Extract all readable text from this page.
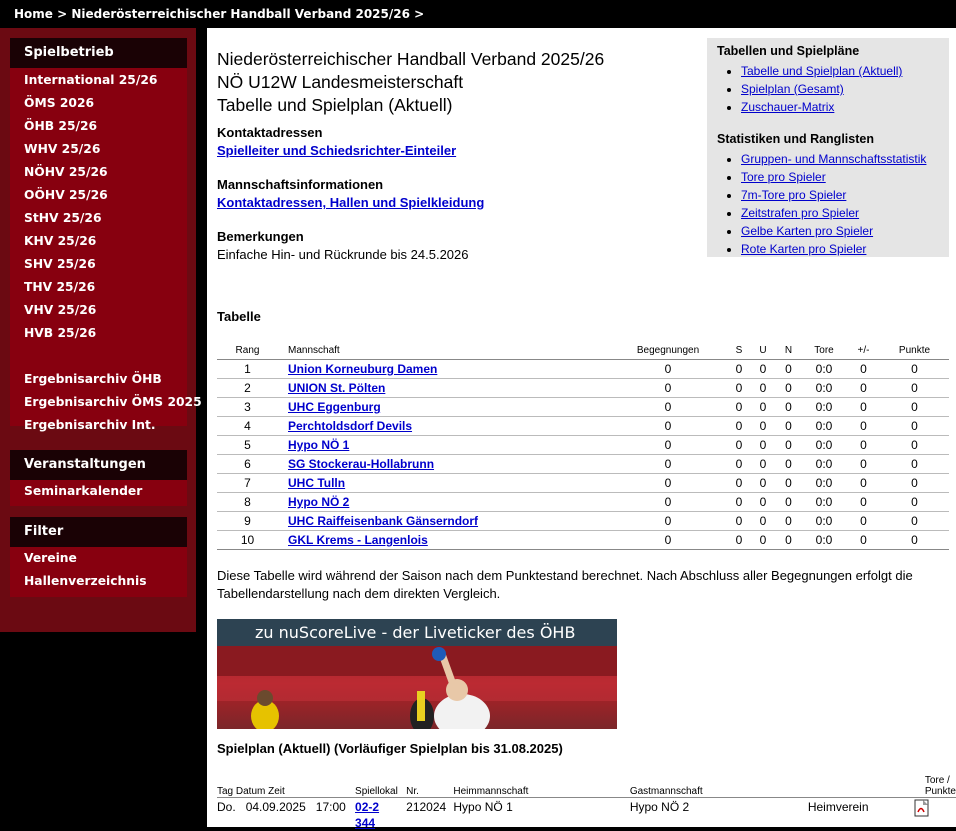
Home > Niederösterreichischer Handball Verband 2025/26 >
Spielbetrieb
International 25/26
ÖMS 2026
ÖHB 25/26
WHV 25/26
NÖHV 25/26
OÖHV 25/26
StHV 25/26
KHV 25/26
SHV 25/26
THV 25/26
VHV 25/26
HVB 25/26
Ergebnisarchiv ÖHB
Ergebnisarchiv ÖMS 2025
Ergebnisarchiv Int.
Veranstaltungen
Seminarkalender
Filter
Vereine
Hallenverzeichnis
Niederösterreichischer Handball Verband 2025/26
NÖ U12W Landesmeisterschaft
Tabelle und Spielplan (Aktuell)
Kontaktadressen
Spielleiter und Schiedsrichter-Einteiler
Mannschaftsinformationen
Kontaktadressen, Hallen und Spielkleidung
Bemerkungen
Einfache Hin- und Rückrunde bis 24.5.2026
Tabellen und Spielpläne
• Tabelle und Spielplan (Aktuell)
• Spielplan (Gesamt)
• Zuschauer-Matrix
Statistiken und Ranglisten
• Gruppen- und Mannschaftsstatistik
• Tore pro Spieler
• 7m-Tore pro Spieler
• Zeitstrafen pro Spieler
• Gelbe Karten pro Spieler
• Rote Karten pro Spieler
Tabelle
Rang	Mannschaft	Begegnungen	S	U	N	Tore	+/-	Punkte
1	Union Korneuburg Damen	0	0	0	0	0:0	0	0
2	UNION St. Pölten	0	0	0	0	0:0	0	0
3	UHC Eggenburg	0	0	0	0	0:0	0	0
4	Perchtoldsdorf Devils	0	0	0	0	0:0	0	0
5	Hypo NÖ 1	0	0	0	0	0:0	0	0
6	SG Stockerau-Hollabrunn	0	0	0	0	0:0	0	0
7	UHC Tulln	0	0	0	0	0:0	0	0
8	Hypo NÖ 2	0	0	0	0	0:0	0	0
9	UHC Raiffeisenbank Gänserndorf	0	0	0	0	0:0	0	0
10	GKL Krems - Langenlois	0	0	0	0	0:0	0	0
Diese Tabelle wird während der Saison nach dem Punktestand berechnet. Nach Abschluss aller Begegnungen erfolgt die Tabellendarstellung nach dem direkten Vergleich.
zu nuScoreLive - der Liveticker des ÖHB
Spielplan (Aktuell) (Vorläufiger Spielplan bis 31.08.2025)
Tag Datum Zeit	Spiellokal	Nr.	Heimmannschaft	Gastmannschaft	Tore / Punkte	
Do. 04.09.2025 17:00	02-2344	212024	Hypo NÖ 1	Hypo NÖ 2	Heimverein	
